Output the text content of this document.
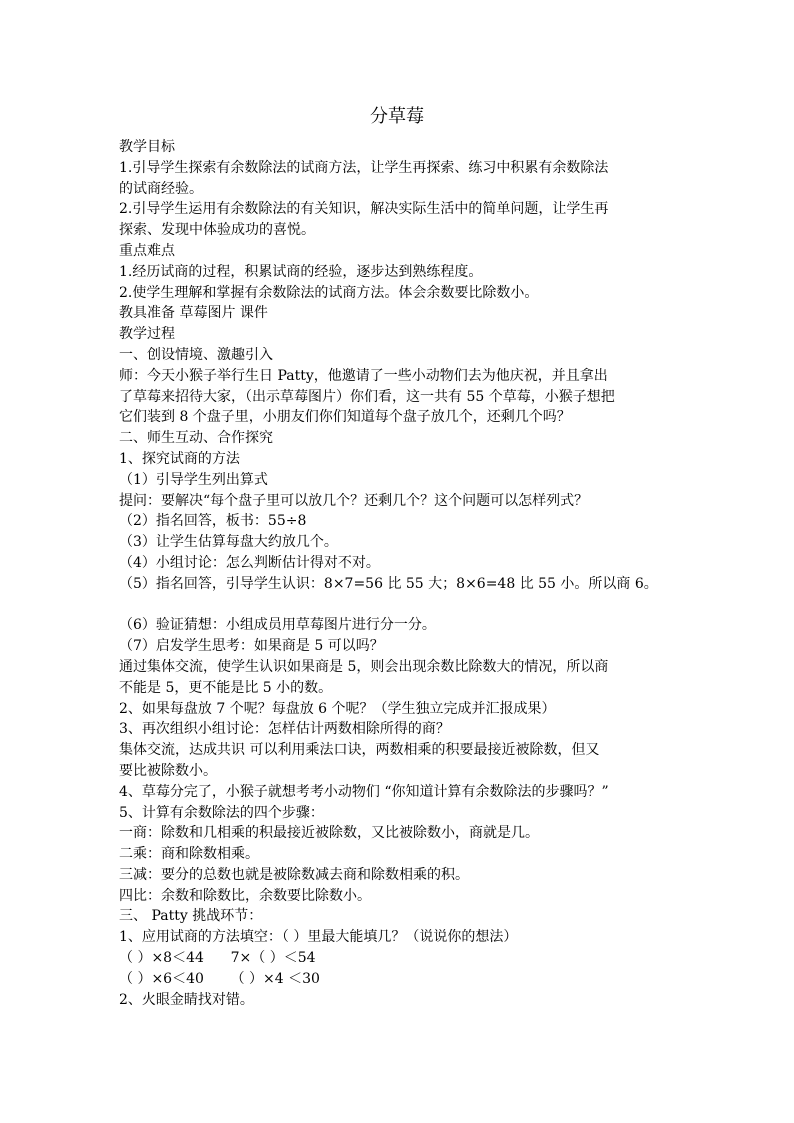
分草莓
教学目标
1.引导学生探索有余数除法的试商方法，让学生再探索、练习中积累有余数除法
的试商经验。
2.引导学生运用有余数除法的有关知识，解决实际生活中的简单问题，让学生再
探索、发现中体验成功的喜悦。
重点难点
1.经历试商的过程，积累试商的经验，逐步达到熟练程度。
2.使学生理解和掌握有余数除法的试商方法。体会余数要比除数小。
教具准备 草莓图片 课件
教学过程
一、创设情境、激趣引入
师：今天小猴子举行生日 Patty，他邀请了一些小动物们去为他庆祝，并且拿出
了草莓来招待大家，（出示草莓图片）你们看，这一共有 55 个草莓，小猴子想把
它们装到 8 个盘子里，小朋友们你们知道每个盘子放几个，还剩几个吗？
二、师生互动、合作探究
1、探究试商的方法
（1）引导学生列出算式
提问：要解决“每个盘子里可以放几个？还剩几个？这个问题可以怎样列式？
（2）指名回答，板书：55÷8
（3）让学生估算每盘大约放几个。
（4）小组讨论：怎么判断估计得对不对。
（5）指名回答，引导学生认识：8×7=56 比 55 大；8×6=48 比 55 小。所以商 6。
（6）验证猜想：小组成员用草莓图片进行分一分。
（7）启发学生思考：如果商是 5 可以吗？
通过集体交流，使学生认识如果商是 5，则会出现余数比除数大的情况，所以商
不能是 5，更不能是比 5 小的数。
2、如果每盘放 7 个呢？每盘放 6 个呢？（学生独立完成并汇报成果）
3、再次组织小组讨论：怎样估计两数相除所得的商？
集体交流，达成共识 可以利用乘法口诀，两数相乘的积要最接近被除数，但又
要比被除数小。
4、草莓分完了，小猴子就想考考小动物们 “你知道计算有余数除法的步骤吗？”
5、计算有余数除法的四个步骤：
一商：除数和几相乘的积最接近被除数，又比被除数小，商就是几。
二乘：商和除数相乘。
三减：要分的总数也就是被除数减去商和除数相乘的积。
四比：余数和除数比，余数要比除数小。
三、 Patty 挑战环节：
1、应用试商的方法填空：（ ）里最大能填几？（说说你的想法）
（ ）×8＜44      7×（ ）＜54
（ ）×6＜40      （ ）×4 ＜30
2、火眼金睛找对错。
